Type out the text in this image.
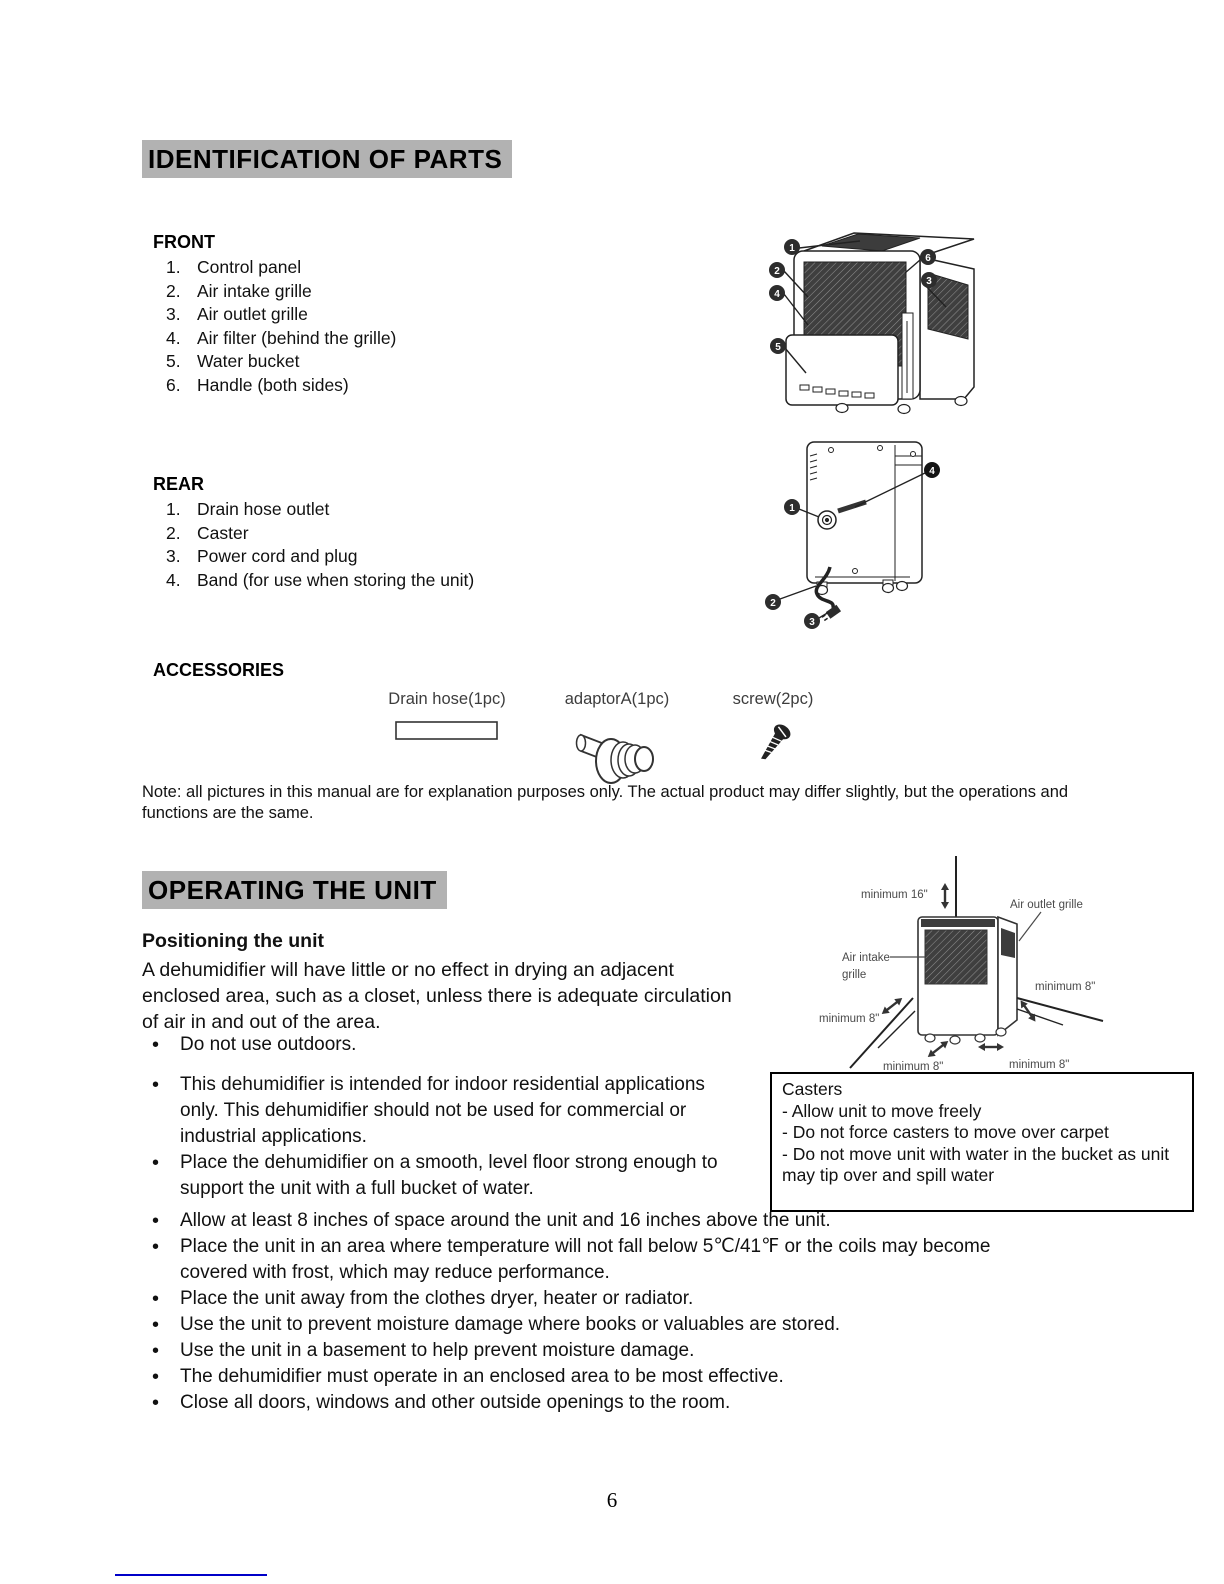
IDENTIFICATION OF PARTS
FRONT
Control panel
Air intake grille
Air outlet grille
Air filter (behind the grille)
Water bucket
Handle (both sides)
1
2
4
5
6
3
REAR
Drain hose outlet
Caster
Power cord and plug
Band (for use when storing the unit)
1
4
2
3
ACCESSORIES
Drain hose(1pc)	adaptorA(1pc)	screw(2pc)
Note: all pictures in this manual are for explanation purposes only. The actual product may differ slightly, but the operations and functions are the same.
OPERATING THE UNIT
Positioning the unit
A dehumidifier will have little or no effect in drying an adjacent enclosed area, such as a closet, unless there is adequate circulation of air in and out of the area.
• Do not use outdoors.
• This dehumidifier is intended for indoor residential applications only. This dehumidifier should not be used for commercial or industrial applications.
• Place the dehumidifier on a smooth, level floor strong enough to support the unit with a full bucket of water.
• Allow at least 8 inches of space around the unit and 16 inches above the unit.
• Place the unit in an area where temperature will not fall below 5℃/41℉ or the coils may become covered with frost, which may reduce performance.
• Place the unit away from the clothes dryer, heater or radiator.
• Use the unit to prevent moisture damage where books or valuables are stored.
• Use the unit in a basement to help prevent moisture damage.
• The dehumidifier must operate in an enclosed area to be most effective.
• Close all doors, windows and other outside openings to the room.
minimum 16"
Air outlet grille
Air intake
grille
minimum 8"
minimum 8"
minimum 8"	minimum 8"
Casters
- Allow unit to move freely
- Do not force casters to move over carpet
- Do not move unit with water in the bucket as unit may tip over and spill water
6
